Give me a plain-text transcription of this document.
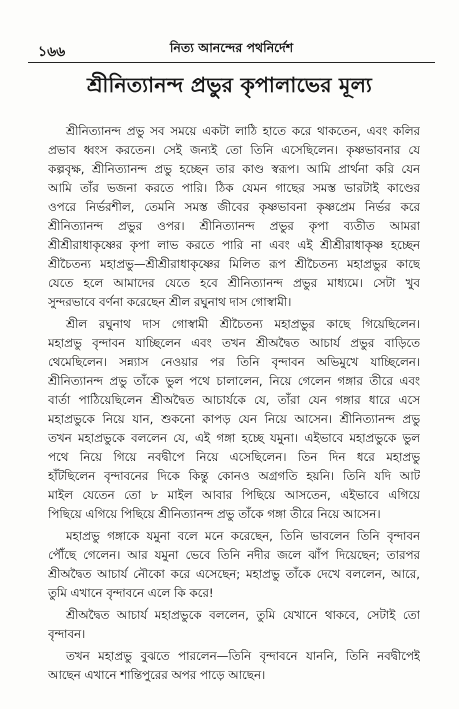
১৬৬	নিত্য আনন্দের পথনির্দেশ
শ্রীনিত্যানন্দ প্রভুর কৃপালাভের মূল্য
শ্রীনিত্যানন্দ প্রভু সব সময়ে একটা লাঠি হাতে করে থাকতেন, এবং কলির
প্রভাব ধ্বংস করতেন। সেই জন্যই তো তিনি এসেছিলেন। কৃষ্ণভাবনার যে
কল্পবৃক্ষ, শ্রীনিত্যানন্দ প্রভু হচ্ছেন তার কাণ্ড স্বরূপ। আমি প্রার্থনা করি যেন
আমি তাঁর ভজনা করতে পারি। ঠিক যেমন গাছের সমস্ত ভারটাই কাণ্ডের
ওপরে নির্ভরশীল, তেমনি সমস্ত জীবের কৃষ্ণভাবনা কৃষ্ণপ্রেম নির্ভর করে
শ্রীনিত্যানন্দ প্রভুর ওপর। শ্রীনিত্যানন্দ প্রভুর কৃপা ব্যতীত আমরা
শ্রীশ্রীরাধাকৃষ্ণের কৃপা লাভ করতে পারি না এবং এই শ্রীশ্রীরাধাকৃষ্ণ হচ্ছেন
শ্রীচৈতন্য মহাপ্রভু—শ্রীশ্রীরাধাকৃষ্ণের মিলিত রূপ শ্রীচৈতন্য মহাপ্রভুর কাছে
যেতে হলে আমাদের যেতে হবে শ্রীনিত্যানন্দ প্রভুর মাধ্যমে। সেটা খুব
সুন্দরভাবে বর্ণনা করেছেন শ্রীল রঘুনাথ দাস গোস্বামী।
শ্রীল রঘুনাথ দাস গোস্বামী শ্রীচৈতন্য মহাপ্রভুর কাছে গিয়েছিলেন।
মহাপ্রভু বৃন্দাবন যাচ্ছিলেন এবং তখন শ্রীঅদ্বৈত আচার্য প্রভুর বাড়িতে
থেমেছিলেন। সন্ন্যাস নেওয়ার পর তিনি বৃন্দাবন অভিমুখে যাচ্ছিলেন।
শ্রীনিত্যানন্দ প্রভু তাঁকে ভুল পথে চালালেন, নিয়ে গেলেন গঙ্গার তীরে এবং
বার্তা পাঠিয়েছিলেন শ্রীঅদ্বৈত আচার্যকে যে, তাঁরা যেন গঙ্গার ধারে এসে
মহাপ্রভুকে নিয়ে যান, শুকনো কাপড় যেন নিয়ে আসেন। শ্রীনিত্যানন্দ প্রভু
তখন মহাপ্রভুকে বললেন যে, এই গঙ্গা হচ্ছে যমুনা। এইভাবে মহাপ্রভুকে ভুল
পথে নিয়ে গিয়ে নবদ্বীপে নিয়ে এসেছিলেন। তিন দিন ধরে মহাপ্রভু
হাঁটছিলেন বৃন্দাবনের দিকে কিন্তু কোনও অগ্রগতি হয়নি। তিনি যদি আট
মাইল যেতেন তো ৮ মাইল আবার পিছিয়ে আসতেন, এইভাবে এগিয়ে
পিছিয়ে এগিয়ে পিছিয়ে শ্রীনিত্যানন্দ প্রভু তাঁকে গঙ্গা তীরে নিয়ে আসেন।
মহাপ্রভু গঙ্গাকে যমুনা বলে মনে করেছেন, তিনি ভাবলেন তিনি বৃন্দাবন
পৌঁছে গেলেন। আর যমুনা ভেবে তিনি নদীর জলে ঝাঁপ দিয়েছেন; তারপর
শ্রীঅদ্বৈত আচার্য নৌকো করে এসেছেন; মহাপ্রভু তাঁকে দেখে বললেন, আরে,
তুমি এখানে বৃন্দাবনে এলে কি করে!
শ্রীঅদ্বৈত আচার্য মহাপ্রভুকে বললেন, তুমি যেখানে থাকবে, সেটাই তো
বৃন্দাবন।
তখন মহাপ্রভু বুঝতে পারলেন—তিনি বৃন্দাবনে যাননি, তিনি নবদ্বীপেই
আছেন এখানে শান্তিপুরের অপর পাড়ে আছেন।
